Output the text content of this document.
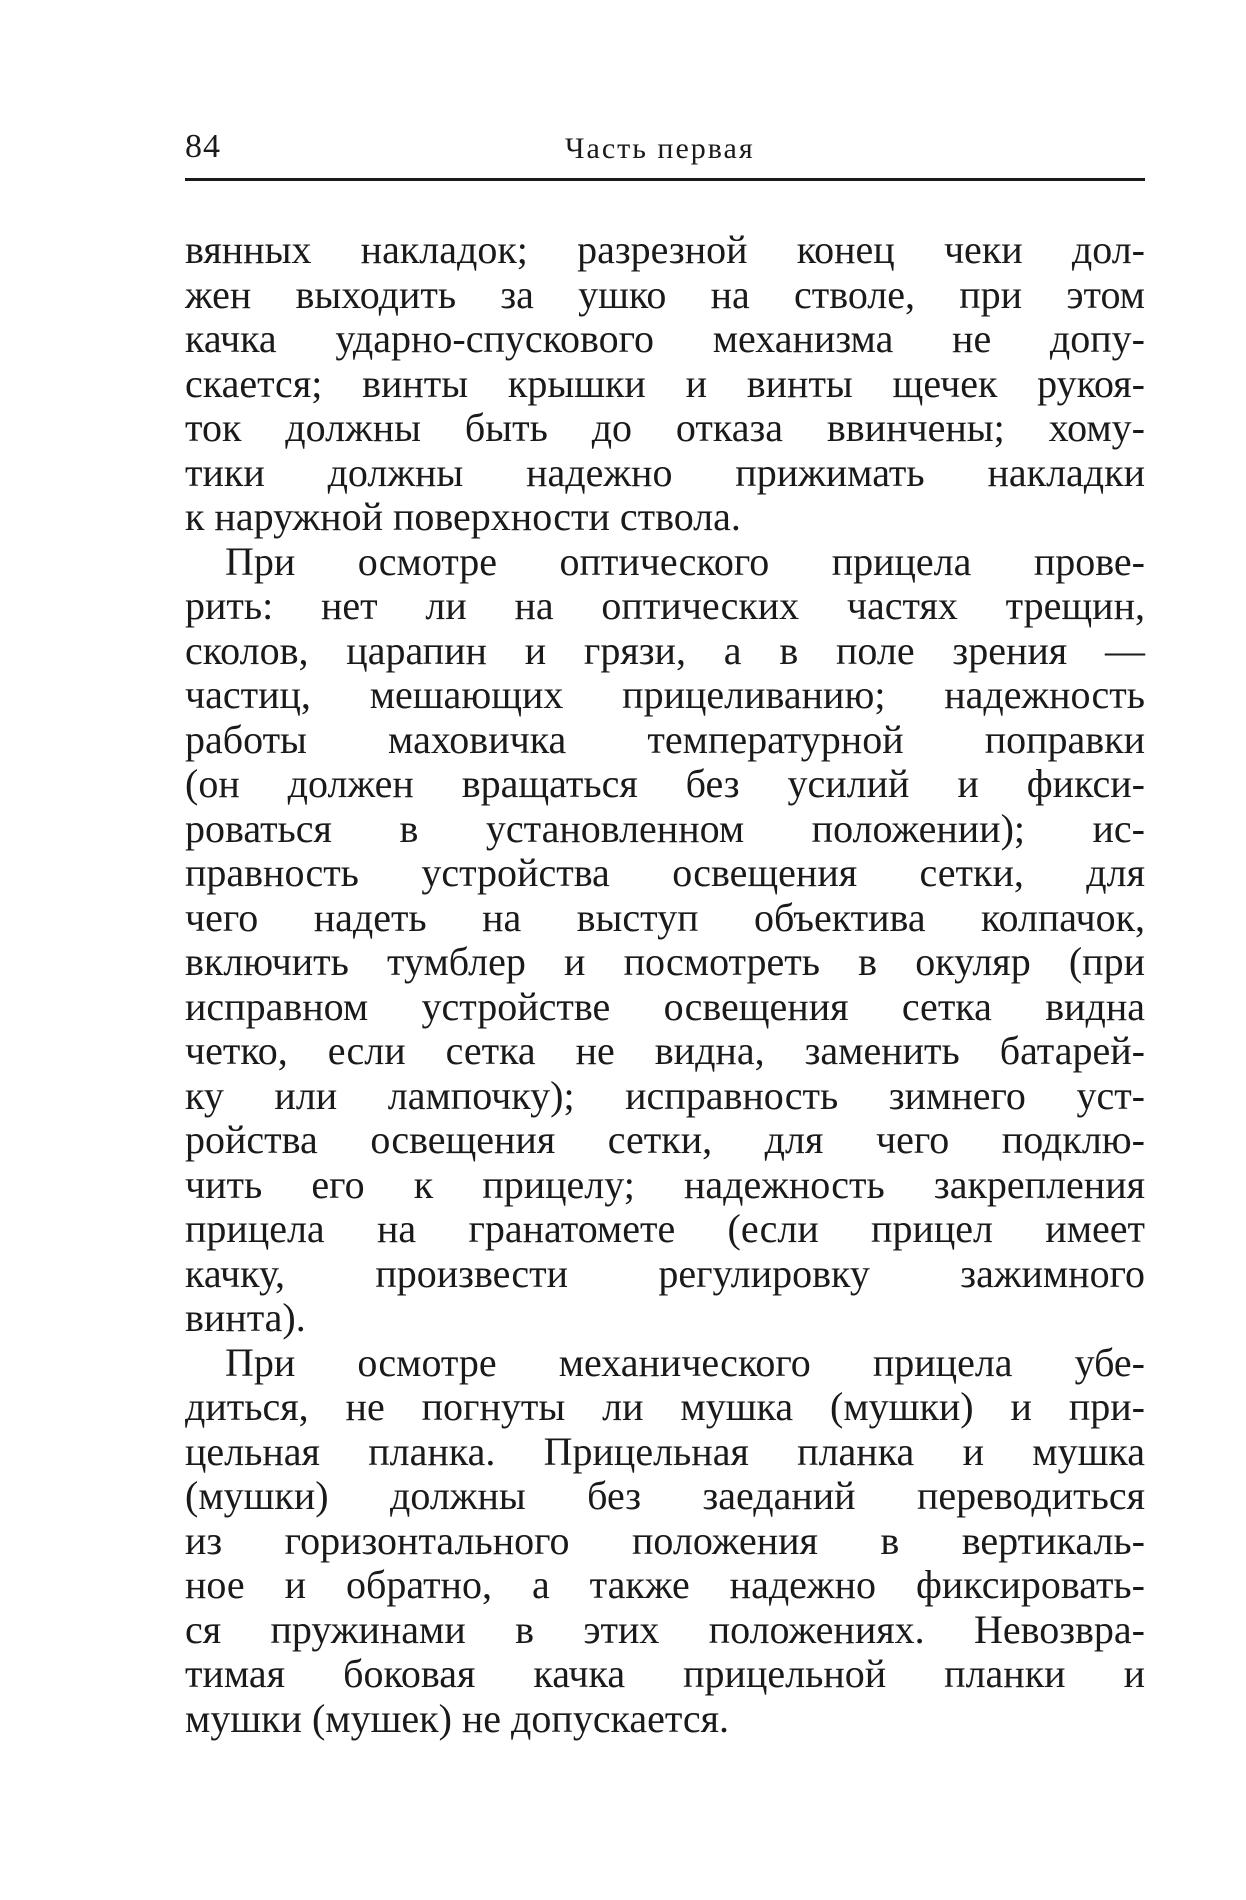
84	Часть первая
вянных накладок; разрезной конец чеки дол-
жен выходить за ушко на стволе, при этом
качка ударно-спускового механизма не допу-
скается; винты крышки и винты щечек рукоя-
ток должны быть до отказа ввинчены; хому-
тики должны надежно прижимать накладки
к наружной поверхности ствола.
При осмотре оптического прицела прове-
рить: нет ли на оптических частях трещин,
сколов, царапин и грязи, а в поле зрения —
частиц, мешающих прицеливанию; надежность
работы маховичка температурной поправки
(он должен вращаться без усилий и фикси-
роваться в установленном положении); ис-
правность устройства освещения сетки, для
чего надеть на выступ объектива колпачок,
включить тумблер и посмотреть в окуляр (при
исправном устройстве освещения сетка видна
четко, если сетка не видна, заменить батарей-
ку или лампочку); исправность зимнего уст-
ройства освещения сетки, для чего подклю-
чить его к прицелу; надежность закрепления
прицела на гранатомете (если прицел имеет
качку, произвести регулировку зажимного
винта).
При осмотре механического прицела убе-
диться, не погнуты ли мушка (мушки) и при-
цельная планка. Прицельная планка и мушка
(мушки) должны без заеданий переводиться
из горизонтального положения в вертикаль-
ное и обратно, а также надежно фиксировать-
ся пружинами в этих положениях. Невозвра-
тимая боковая качка прицельной планки и
мушки (мушек) не допускается.
